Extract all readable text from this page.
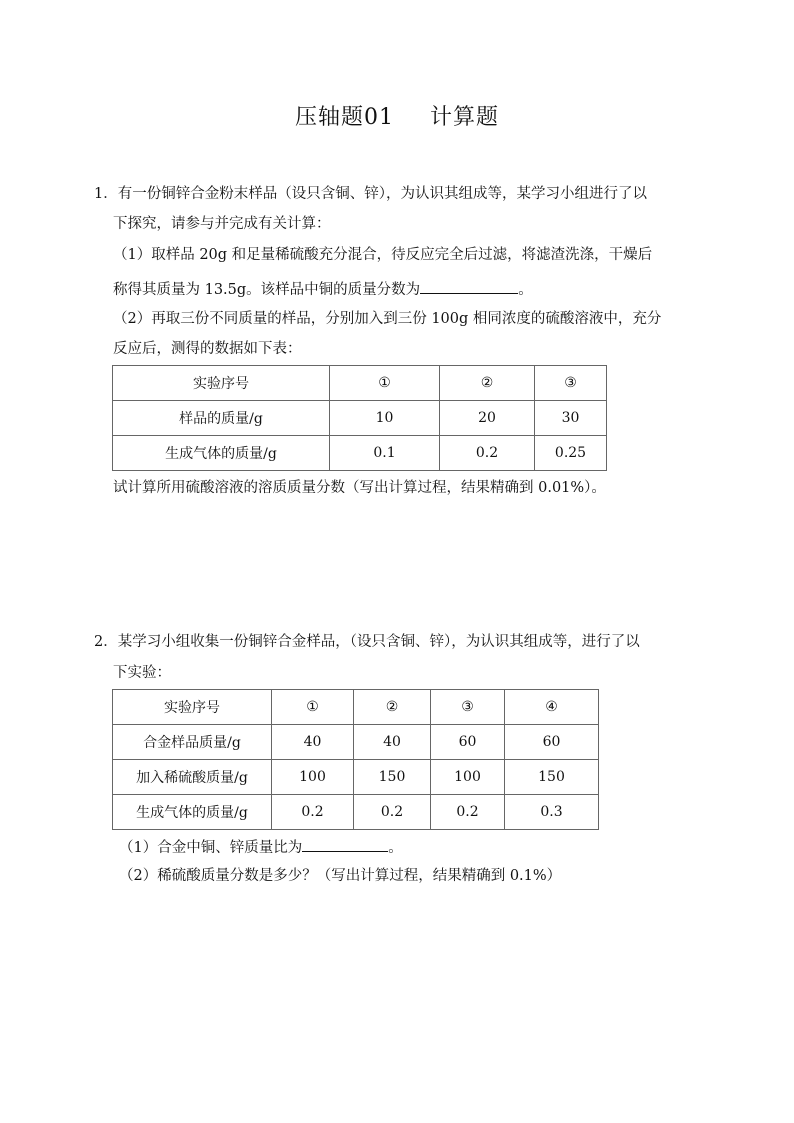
压轴题01 计算题
1．有一份铜锌合金粉末样品（设只含铜、锌），为认识其组成等，某学习小组进行了以
下探究，请参与并完成有关计算：
（1）取样品 20g 和足量稀硫酸充分混合，待反应完全后过滤，将滤渣洗涤，干燥后
称得其质量为 13.5g。该样品中铜的质量分数为	。
（2）再取三份不同质量的样品，分别加入到三份 100g 相同浓度的硫酸溶液中，充分
反应后，测得的数据如下表：
实验序号	①	②	③
样品的质量/g	10	20	30
生成气体的质量/g	0.1	0.2	0.25
试计算所用硫酸溶液的溶质质量分数（写出计算过程，结果精确到 0.01%）。
2．某学习小组收集一份铜锌合金样品，（设只含铜、锌），为认识其组成等，进行了以
下实验：
实验序号	①	②	③	④
合金样品质量/g	40	40	60	60
加入稀硫酸质量/g	100	150	100	150
生成气体的质量/g	0.2	0.2	0.2	0.3
（1）合金中铜、锌质量比为	。
（2）稀硫酸质量分数是多少？（写出计算过程，结果精确到 0.1%）
